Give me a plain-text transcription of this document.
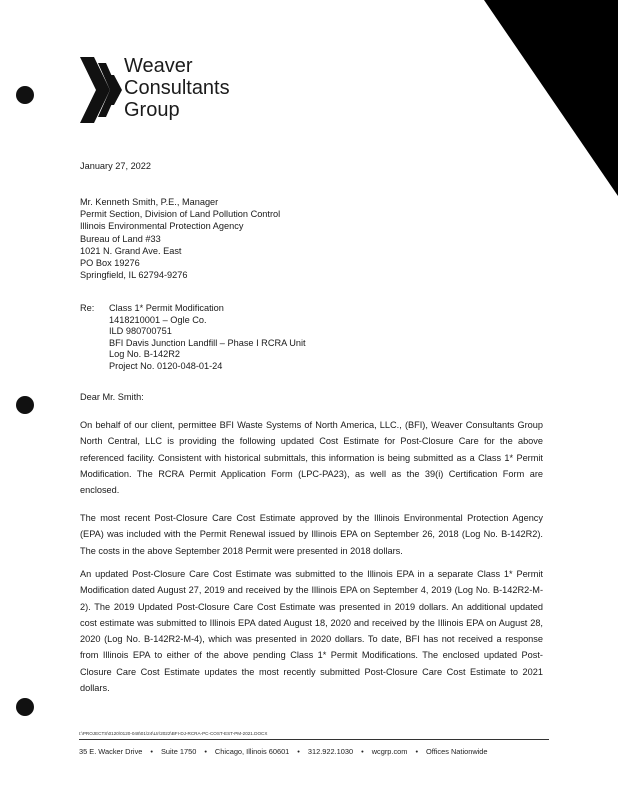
Weaver
Consultants
Group
January 27, 2022
Mr. Kenneth Smith, P.E., Manager
Permit Section, Division of Land Pollution Control
Illinois Environmental Protection Agency
Bureau of Land #33
1021 N. Grand Ave. East
PO Box 19276
Springfield, IL 62794-9276
Re: Class 1* Permit Modification
1418210001 – Ogle Co.
ILD 980700751
BFI Davis Junction Landfill – Phase I RCRA Unit
Log No. B-142R2
Project No. 0120-048-01-24
Dear Mr. Smith:
On behalf of our client, permittee BFI Waste Systems of North America, LLC., (BFI), Weaver Consultants Group North Central, LLC is providing the following updated Cost Estimate for Post-Closure Care for the above referenced facility. Consistent with historical submittals, this information is being submitted as a Class 1* Permit Modification. The RCRA Permit Application Form (LPC-PA23), as well as the 39(i) Certification Form are enclosed.
The most recent Post-Closure Care Cost Estimate approved by the Illinois Environmental Protection Agency (EPA) was included with the Permit Renewal issued by Illinois EPA on September 26, 2018 (Log No. B-142R2). The costs in the above September 2018 Permit were presented in 2018 dollars.
An updated Post-Closure Care Cost Estimate was submitted to the Illinois EPA in a separate Class 1* Permit Modification dated August 27, 2019 and received by the Illinois EPA on September 4, 2019 (Log No. B-142R2-M-2). The 2019 Updated Post-Closure Care Cost Estimate was presented in 2019 dollars. An additional updated cost estimate was submitted to Illinois EPA dated August 18, 2020 and received by the Illinois EPA on August 28, 2020 (Log No. B-142R2-M-4), which was presented in 2020 dollars. To date, BFI has not received a response from Illinois EPA to either of the above pending Class 1* Permit Modifications. The enclosed updated Post-Closure Care Cost Estimate updates the most recently submitted Post-Closure Care Cost Estimate to 2021 dollars.
I:\PROJECTS\0120\0120-048\01\24\Ltr\2022\BFI-DJ-RCRA-PC-COST-EST-PM-2021.DOCX
35 E. Wacker Drive • Suite 1750 • Chicago, Illinois 60601 • 312.922.1030 • wcgrp.com • Offices Nationwide
